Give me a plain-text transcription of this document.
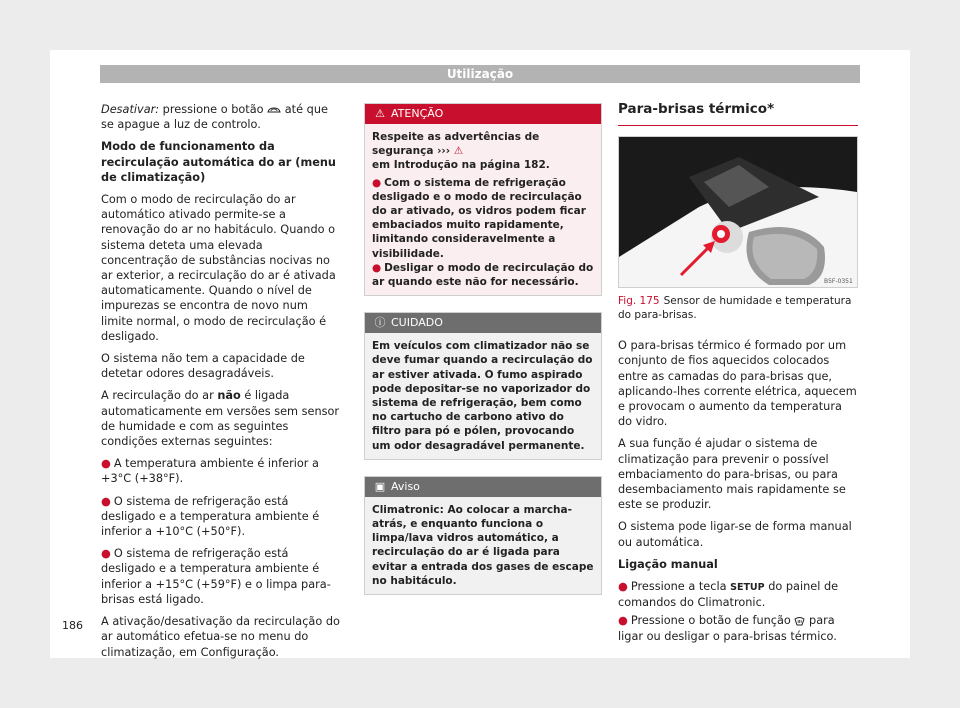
Utilização

Desativar: pressione o botão  até que se apague a luz de controlo.

Modo de funcionamento da recirculação automática do ar (menu de climatização)

Com o modo de recirculação do ar automático ativado permite-se a renovação do ar no habitáculo. Quando o sistema deteta uma elevada concentração de substâncias nocivas no ar exterior, a recirculação do ar é ativada automaticamente. Quando o nível de impurezas se encontra de novo num limite normal, o modo de recirculação é desligado.

O sistema não tem a capacidade de detetar odores desagradáveis.

A recirculação do ar não é ligada automaticamente em versões sem sensor de humidade e com as seguintes condições externas seguintes:

● A temperatura ambiente é inferior a +3°C (+38°F).

● O sistema de refrigeração está desligado e a temperatura ambiente é inferior a +10°C (+50°F).

● O sistema de refrigeração está desligado e a temperatura ambiente é inferior a +15°C (+59°F) e o limpa para-brisas está ligado.

A ativação/desativação da recirculação do ar automático efetua-se no menu do climatização, em Configuração.

⚠ ATENÇÃO
Respeite as advertências de segurança ››› ⚠
em Introdução na página 182.
● Com o sistema de refrigeração desligado e o modo de recirculação do ar ativado, os vidros podem ficar embaciados muito rapidamente, limitando consideravelmente a visibilidade.
● Desligar o modo de recirculação do ar quando este não for necessário.
ⓘ CUIDADO
Em veículos com climatizador não se deve fumar quando a recirculação do ar estiver ativada. O fumo aspirado pode depositar-se no vaporizador do sistema de refrigeração, bem como no cartucho de carbono ativo do filtro para pó e pólen, provocando um odor desagradável permanente.
▣ Aviso
Climatronic: Ao colocar a marcha-atrás, e enquanto funciona o limpa/lava vidros automático, a recirculação do ar é ligada para evitar a entrada dos gases de escape no habitáculo.
Para-brisas térmico*
B5F-0351
Fig. 175 Sensor de humidade e temperatura do para-brisas.

O para-brisas térmico é formado por um conjunto de fios aquecidos colocados entre as camadas do para-brisas que, aplicando-lhes corrente elétrica, aquecem e provocam o aumento da temperatura do vidro.

A sua função é ajudar o sistema de climatização para prevenir o possível embaciamento do para-brisas, ou para desembaciamento mais rapidamente se este se produzir.

O sistema pode ligar-se de forma manual ou automática.

Ligação manual

● Pressione a tecla SETUP do painel de comandos do Climatronic.

● Pressione o botão de função  para ligar ou desligar o para-brisas térmico.

186
